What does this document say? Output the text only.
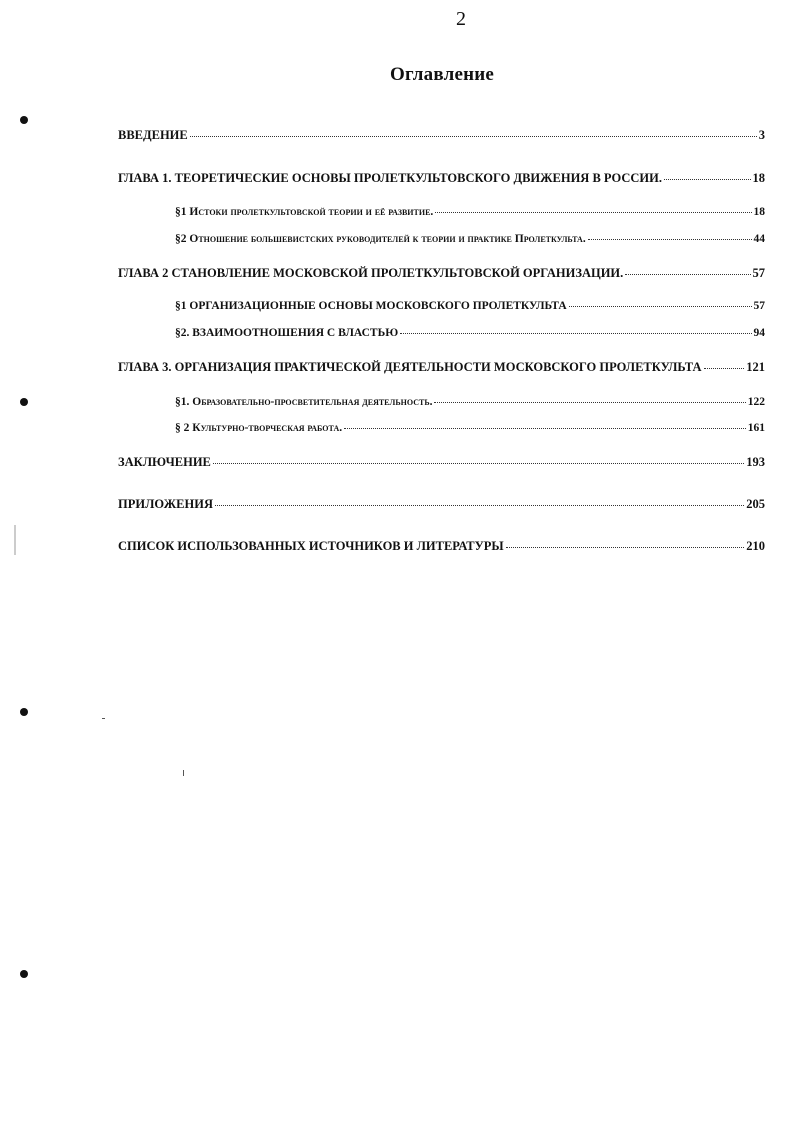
2
Оглавление
ВВЕДЕНИЕ	3
ГЛАВА 1. ТЕОРЕТИЧЕСКИЕ ОСНОВЫ ПРОЛЕТКУЛЬТОВСКОГО ДВИЖЕНИЯ В РОССИИ.	18
§1 Истоки пролеткультовской теории и её развитие.	18
§2 Отношение большевистских руководителей к теории и практике Пролеткульта.	44
ГЛАВА 2 СТАНОВЛЕНИЕ МОСКОВСКОЙ ПРОЛЕТКУЛЬТОВСКОЙ ОРГАНИЗАЦИИ.	57
§1 ОРГАНИЗАЦИОННЫЕ ОСНОВЫ МОСКОВСКОГО ПРОЛЕТКУЛЬТА	57
§2. ВЗАИМООТНОШЕНИЯ С ВЛАСТЬЮ	94
ГЛАВА 3. ОРГАНИЗАЦИЯ ПРАКТИЧЕСКОЙ ДЕЯТЕЛЬНОСТИ МОСКОВСКОГО ПРОЛЕТКУЛЬТА	121
§1. Образовательно-просветительная деятельность.	122
§ 2 Культурно-творческая работа.	161
ЗАКЛЮЧЕНИЕ	193
ПРИЛОЖЕНИЯ	205
СПИСОК ИСПОЛЬЗОВАННЫХ ИСТОЧНИКОВ И ЛИТЕРАТУРЫ	210
